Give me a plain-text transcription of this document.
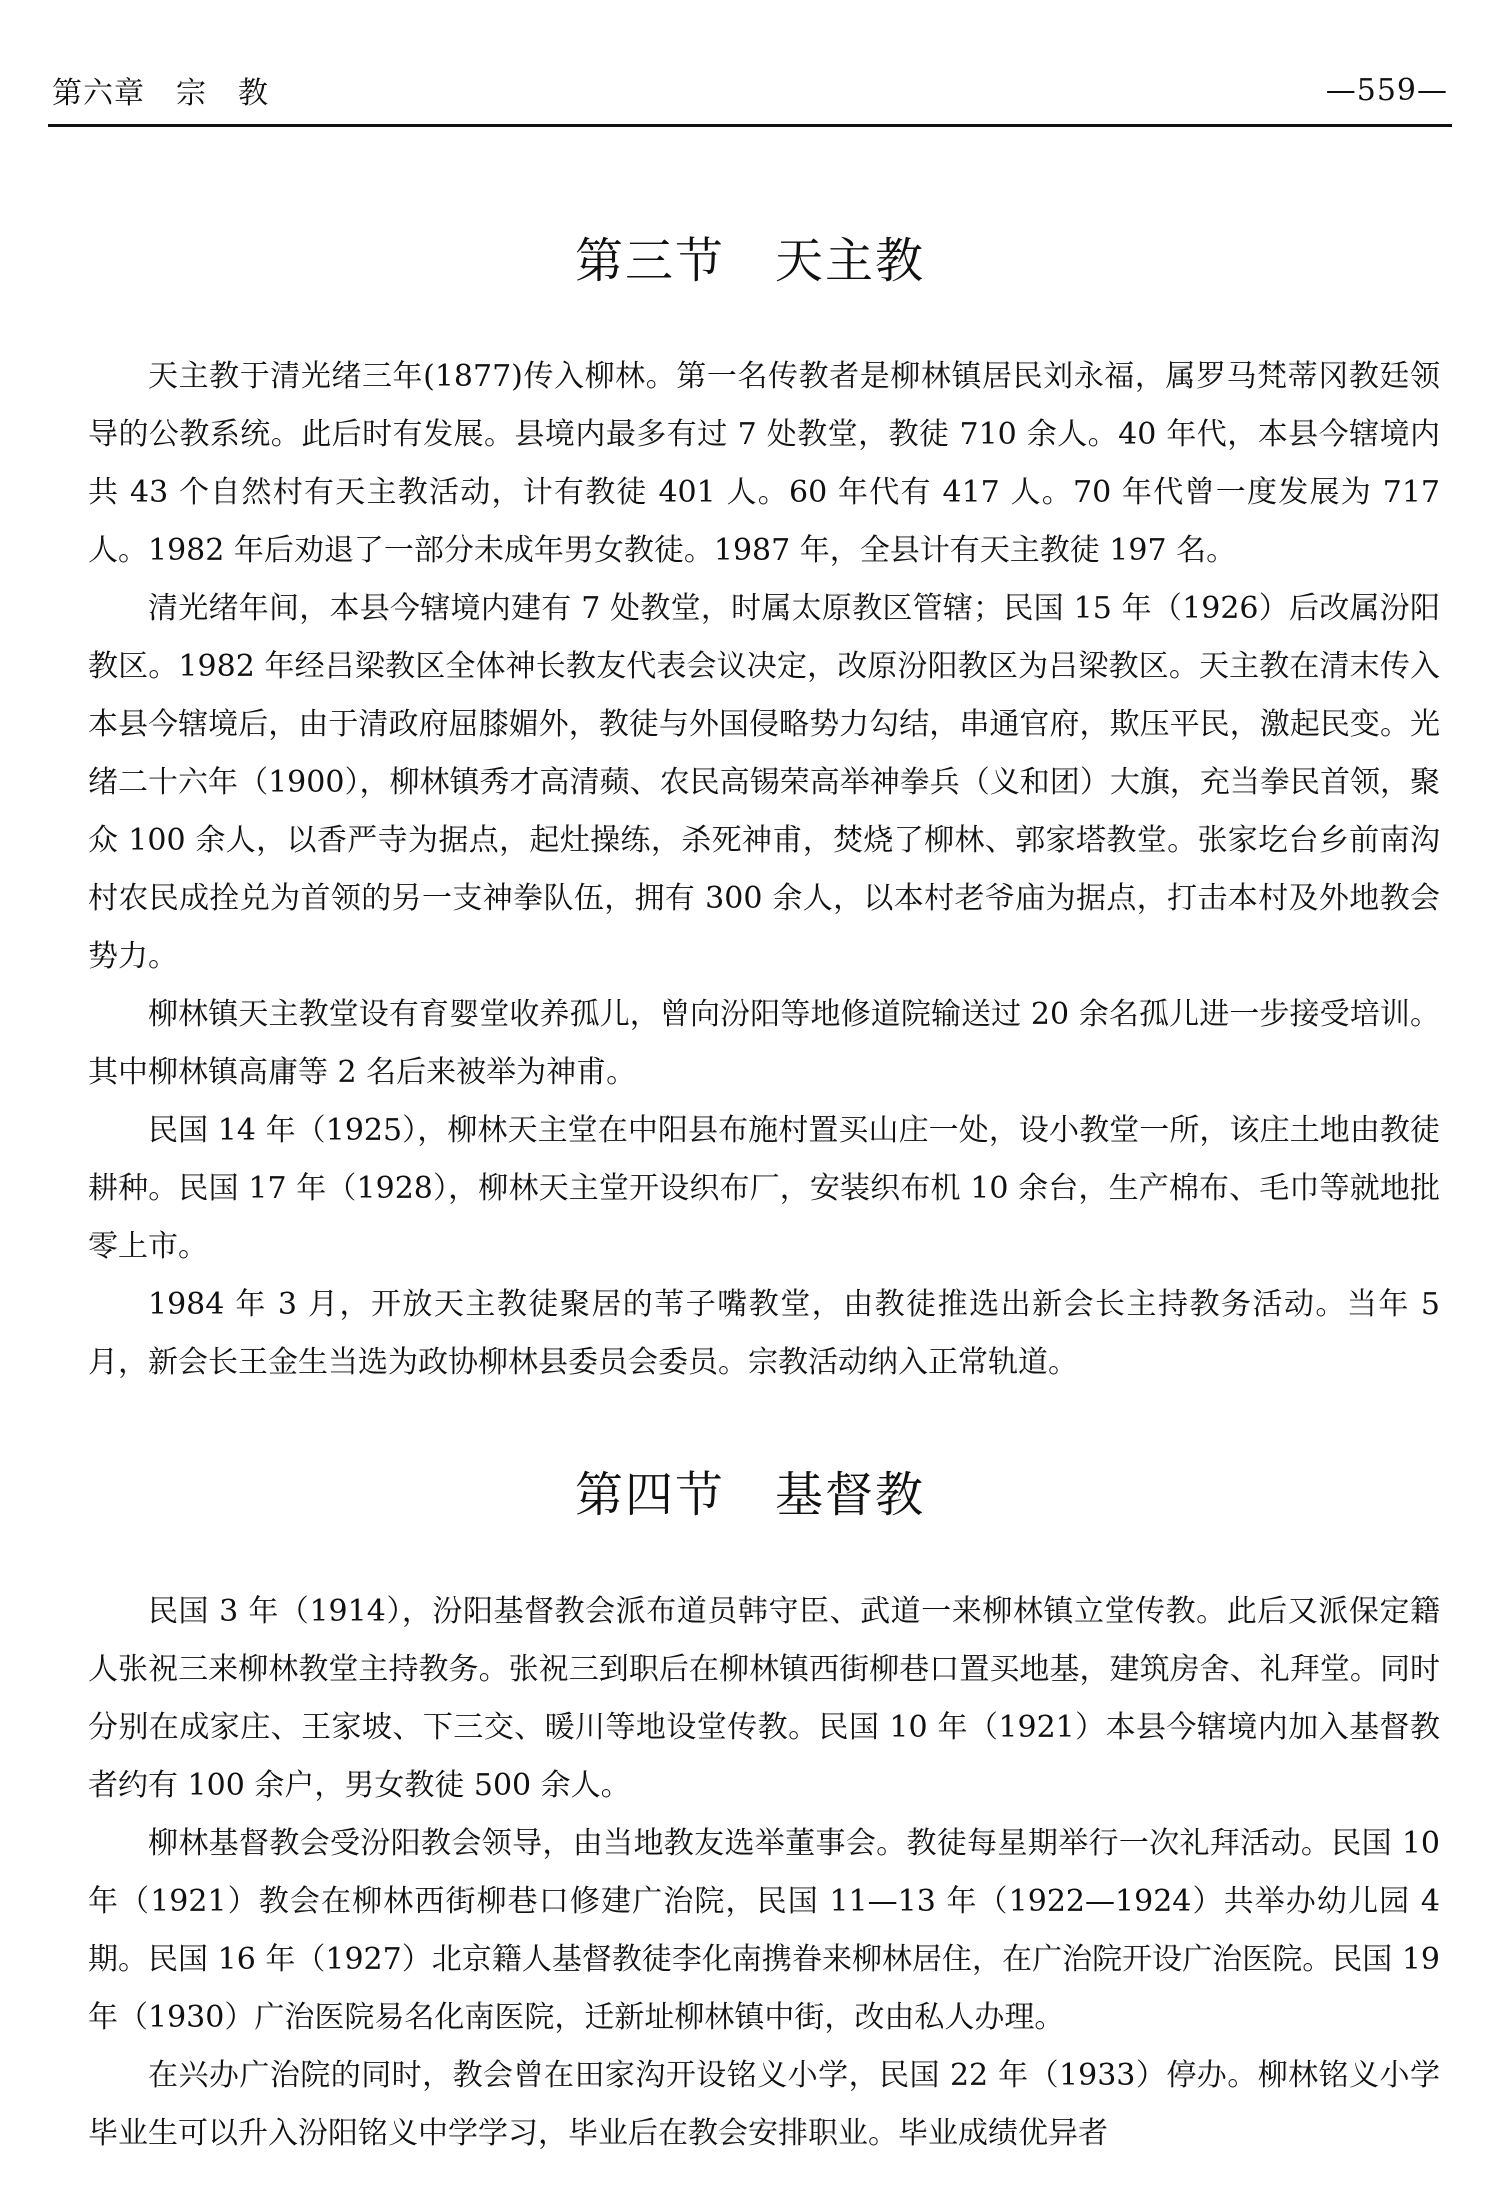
第六章　宗　教	—559—
第三节　天主教

天主教于清光绪三年(1877)传入柳林。第一名传教者是柳林镇居民刘永福，属罗马梵蒂冈教廷领导的公教系统。此后时有发展。县境内最多有过 7 处教堂，教徒 710 余人。40 年代，本县今辖境内共 43 个自然村有天主教活动，计有教徒 401 人。60 年代有 417 人。70 年代曾一度发展为 717 人。1982 年后劝退了一部分未成年男女教徒。1987 年，全县计有天主教徒 197 名。

清光绪年间，本县今辖境内建有 7 处教堂，时属太原教区管辖；民国 15 年（1926）后改属汾阳教区。1982 年经吕梁教区全体神长教友代表会议决定，改原汾阳教区为吕梁教区。天主教在清末传入本县今辖境后，由于清政府屈膝媚外，教徒与外国侵略势力勾结，串通官府，欺压平民，激起民变。光绪二十六年（1900），柳林镇秀才高清𬞟、农民高锡荣高举神拳兵（义和团）大旗，充当拳民首领，聚众 100 余人，以香严寺为据点，起灶操练，杀死神甫，焚烧了柳林、郭家塔教堂。张家圪台乡前南沟村农民成拴兑为首领的另一支神拳队伍，拥有 300 余人，以本村老爷庙为据点，打击本村及外地教会势力。

柳林镇天主教堂设有育婴堂收养孤儿，曾向汾阳等地修道院输送过 20 余名孤儿进一步接受培训。其中柳林镇高庸等 2 名后来被举为神甫。

民国 14 年（1925），柳林天主堂在中阳县布施村置买山庄一处，设小教堂一所，该庄土地由教徒耕种。民国 17 年（1928），柳林天主堂开设织布厂，安装织布机 10 余台，生产棉布、毛巾等就地批零上市。

1984 年 3 月，开放天主教徒聚居的苇子嘴教堂，由教徒推选出新会长主持教务活动。当年 5 月，新会长王金生当选为政协柳林县委员会委员。宗教活动纳入正常轨道。

第四节　基督教

民国 3 年（1914），汾阳基督教会派布道员韩守臣、武道一来柳林镇立堂传教。此后又派保定籍人张祝三来柳林教堂主持教务。张祝三到职后在柳林镇西街柳巷口置买地基，建筑房舍、礼拜堂。同时分别在成家庄、王家坡、下三交、暖川等地设堂传教。民国 10 年（1921）本县今辖境内加入基督教者约有 100 余户，男女教徒 500 余人。

柳林基督教会受汾阳教会领导，由当地教友选举董事会。教徒每星期举行一次礼拜活动。民国 10 年（1921）教会在柳林西街柳巷口修建广治院，民国 11—13 年（1922—1924）共举办幼儿园 4 期。民国 16 年（1927）北京籍人基督教徒李化南携眷来柳林居住，在广治院开设广治医院。民国 19 年（1930）广治医院易名化南医院，迁新址柳林镇中街，改由私人办理。

在兴办广治院的同时，教会曾在田家沟开设铭义小学，民国 22 年（1933）停办。柳林铭义小学毕业生可以升入汾阳铭义中学学习，毕业后在教会安排职业。毕业成绩优异者
